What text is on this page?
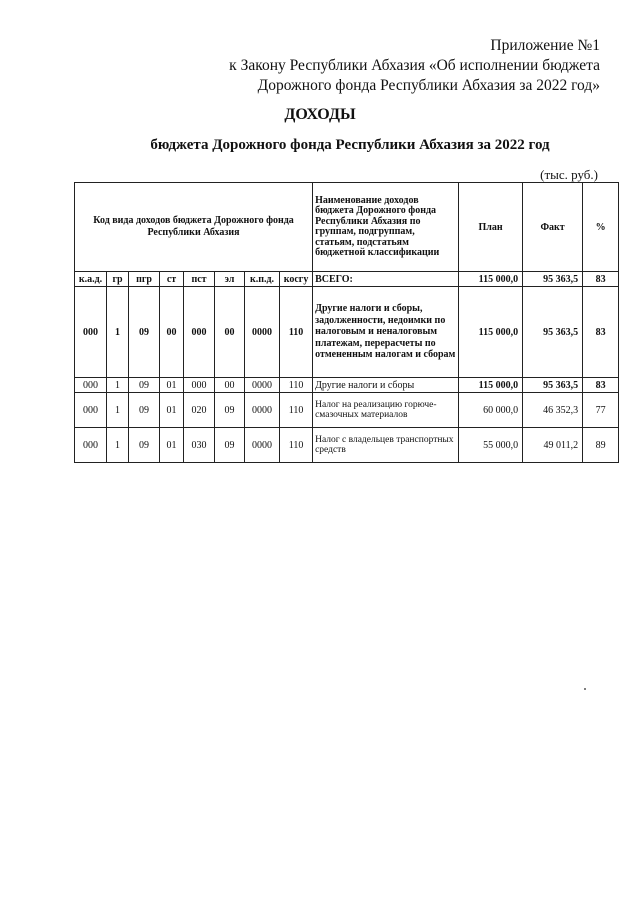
Приложение №1
к Закону Республики Абхазия «Об исполнении бюджета
Дорожного фонда Республики Абхазия за 2022 год»
ДОХОДЫ
бюджета Дорожного фонда Республики Абхазия за 2022 год
(тыс. руб.)
Код вида доходов бюджета Дорожного фонда Республики Абхазия								Наименование доходов бюджета Дорожного фонда Республики Абхазия по группам, подгруппам, статьям, подстатьям бюджетной классификации	План	Факт	%
к.а.д.	гр	пгр	ст	пст	эл	к.п.д.	косгу	ВСЕГО:	115 000,0	95 363,5	83
000	1	09	00	000	00	0000	110	Другие налоги и сборы, задолженности, недоимки по налоговым и неналоговым платежам, перерасчеты по отмененным налогам и сборам	115 000,0	95 363,5	83
000	1	09	01	000	00	0000	110	Другие налоги и сборы	115 000,0	95 363,5	83
000	1	09	01	020	09	0000	110	Налог на реализацию горюче-смазочных материалов	60 000,0	46 352,3	77
000	1	09	01	030	09	0000	110	Налог с владельцев транспортных средств	55 000,0	49 011,2	89
